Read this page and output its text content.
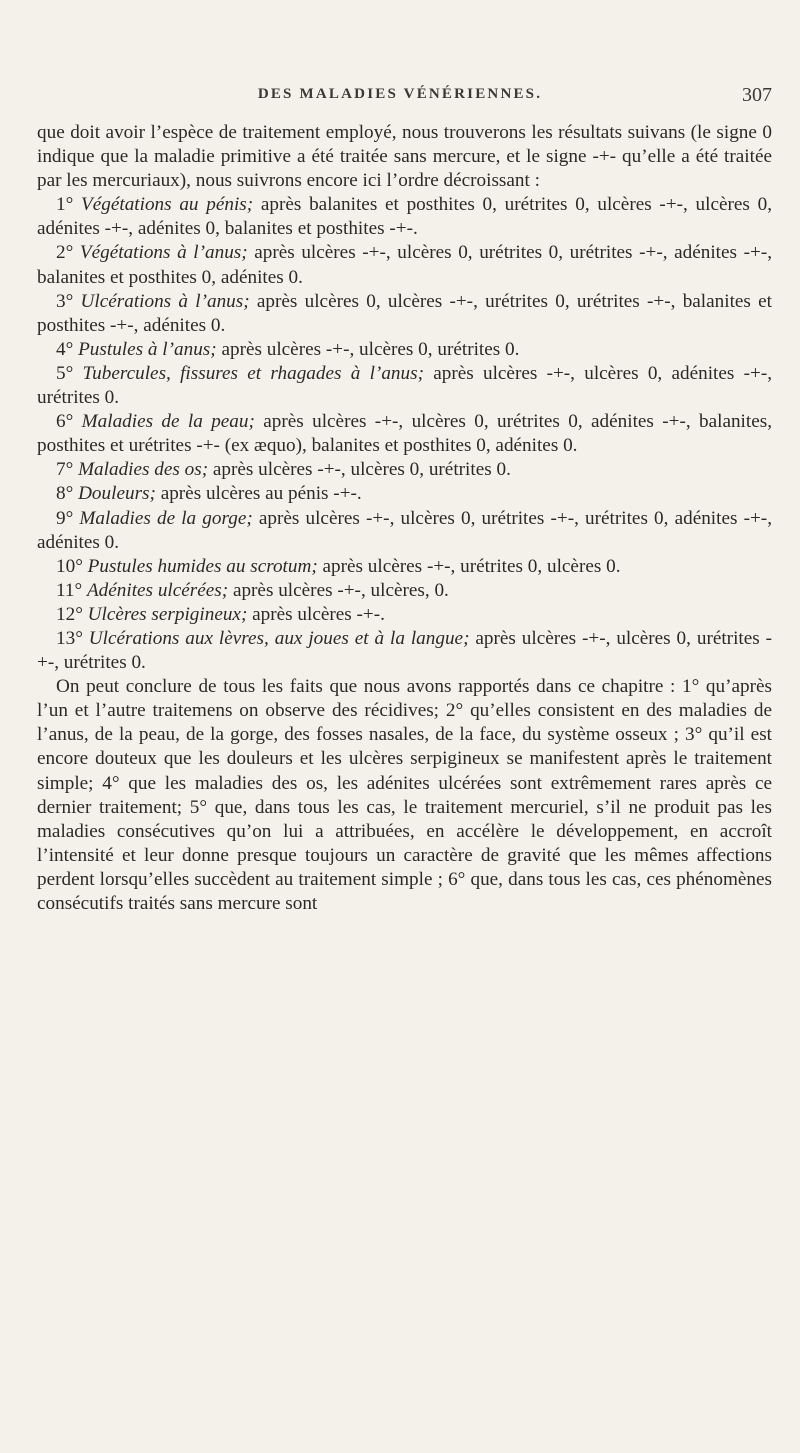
DES MALADIES VÉNÉRIENNES.	307

que doit avoir l’espèce de traitement employé, nous trouverons les résultats suivans (le signe 0 indique que la maladie primitive a été traitée sans mercure, et le signe -+- qu’elle a été traitée par les mercuriaux), nous suivrons encore ici l’ordre décroissant :

1° Végétations au pénis; après balanites et posthites 0, urétrites 0, ulcères -+-, ulcères 0, adénites -+-, adénites 0, balanites et posthites -+-.

2° Végétations à l’anus; après ulcères -+-, ulcères 0, urétrites 0, urétrites -+-, adénites -+-, balanites et posthites 0, adénites 0.

3° Ulcérations à l’anus; après ulcères 0, ulcères -+-, urétrites 0, urétrites -+-, balanites et posthites -+-, adénites 0.

4° Pustules à l’anus; après ulcères -+-, ulcères 0, urétrites 0.

5° Tubercules, fissures et rhagades à l’anus; après ulcères -+-, ulcères 0, adénites -+-, urétrites 0.

6° Maladies de la peau; après ulcères -+-, ulcères 0, urétrites 0, adénites -+-, balanites, posthites et urétrites -+- (ex æquo), balanites et posthites 0, adénites 0.

7° Maladies des os; après ulcères -+-, ulcères 0, urétrites 0.

8° Douleurs; après ulcères au pénis -+-.

9° Maladies de la gorge; après ulcères -+-, ulcères 0, urétrites -+-, urétrites 0, adénites -+-, adénites 0.

10° Pustules humides au scrotum; après ulcères -+-, urétrites 0, ulcères 0.

11° Adénites ulcérées; après ulcères -+-, ulcères, 0.

12° Ulcères serpigineux; après ulcères -+-.

13° Ulcérations aux lèvres, aux joues et à la langue; après ulcères -+-, ulcères 0, urétrites -+-, urétrites 0.

On peut conclure de tous les faits que nous avons rapportés dans ce chapitre : 1° qu’après l’un et l’autre traitemens on observe des récidives; 2° qu’elles consistent en des maladies de l’anus, de la peau, de la gorge, des fosses nasales, de la face, du système osseux ; 3° qu’il est encore douteux que les douleurs et les ulcères serpigineux se manifestent après le traitement simple; 4° que les maladies des os, les adénites ulcérées sont extrêmement rares après ce dernier traitement; 5° que, dans tous les cas, le traitement mercuriel, s’il ne produit pas les maladies consécutives qu’on lui a attribuées, en accélère le développement, en accroît l’intensité et leur donne presque toujours un caractère de gravité que les mêmes affections perdent lorsqu’elles succèdent au traitement simple ; 6° que, dans tous les cas, ces phénomènes consécutifs traités sans mercure sont
